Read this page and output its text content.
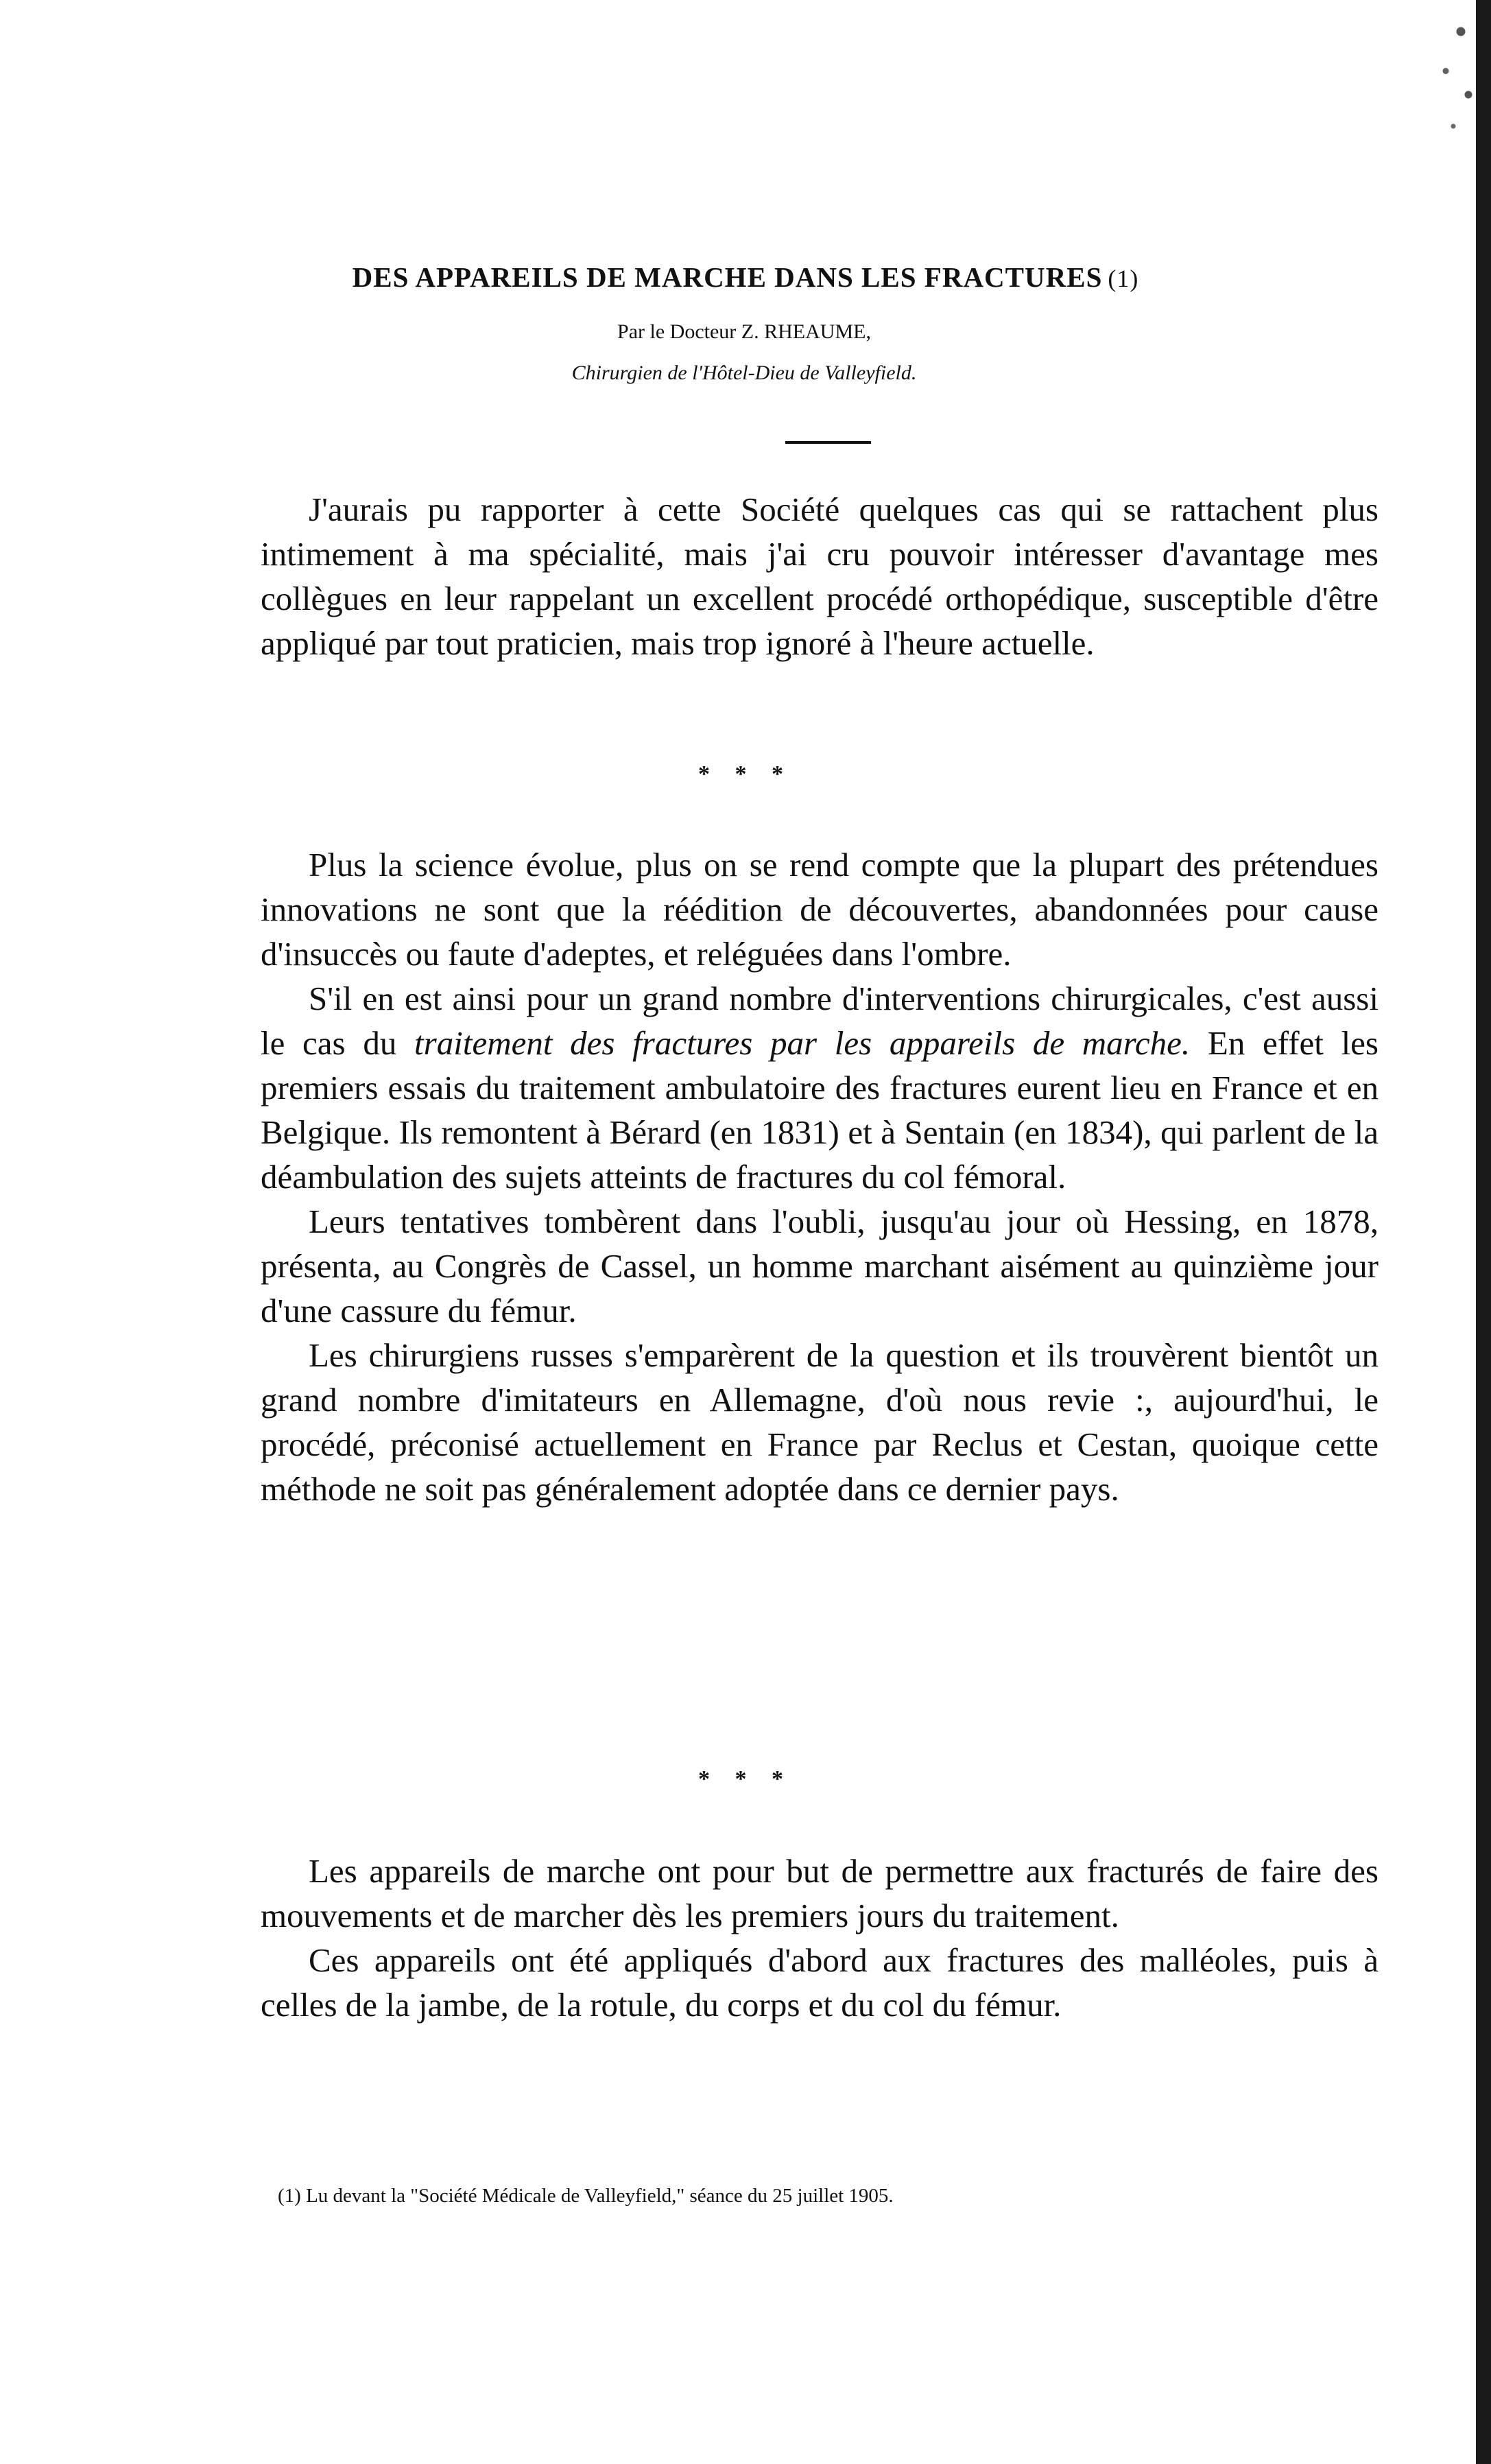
DES APPAREILS DE MARCHE DANS LES FRACTURES (1)
Par le Docteur Z. RHEAUME,
Chirurgien de l'Hôtel-Dieu de Valleyfield.

J'aurais pu rapporter à cette Société quelques cas qui se rattachent plus intimement à ma spécialité, mais j'ai cru pouvoir intéresser d'avantage mes collègues en leur rappelant un excellent procédé orthopédique, susceptible d'être appliqué par tout praticien, mais trop ignoré à l'heure actuelle.

* * *

Plus la science évolue, plus on se rend compte que la plupart des prétendues innovations ne sont que la réédition de découvertes, abandonnées pour cause d'insuccès ou faute d'adeptes, et reléguées dans l'ombre.

S'il en est ainsi pour un grand nombre d'interventions chirurgicales, c'est aussi le cas du traitement des fractures par les appareils de marche. En effet les premiers essais du traitement ambulatoire des fractures eurent lieu en France et en Belgique. Ils remontent à Bérard (en 1831) et à Sentain (en 1834), qui parlent de la déambulation des sujets atteints de fractures du col fémoral.

Leurs tentatives tombèrent dans l'oubli, jusqu'au jour où Hessing, en 1878, présenta, au Congrès de Cassel, un homme marchant aisément au quinzième jour d'une cassure du fémur.

Les chirurgiens russes s'emparèrent de la question et ils trouvèrent bientôt un grand nombre d'imitateurs en Allemagne, d'où nous revie :, aujourd'hui, le procédé, préconisé actuellement en France par Reclus et Cestan, quoique cette méthode ne soit pas généralement adoptée dans ce dernier pays.

* * *

Les appareils de marche ont pour but de permettre aux fracturés de faire des mouvements et de marcher dès les premiers jours du traitement.

Ces appareils ont été appliqués d'abord aux fractures des malléoles, puis à celles de la jambe, de la rotule, du corps et du col du fémur.

(1) Lu devant la "Société Médicale de Valleyfield," séance du 25 juillet 1905.
